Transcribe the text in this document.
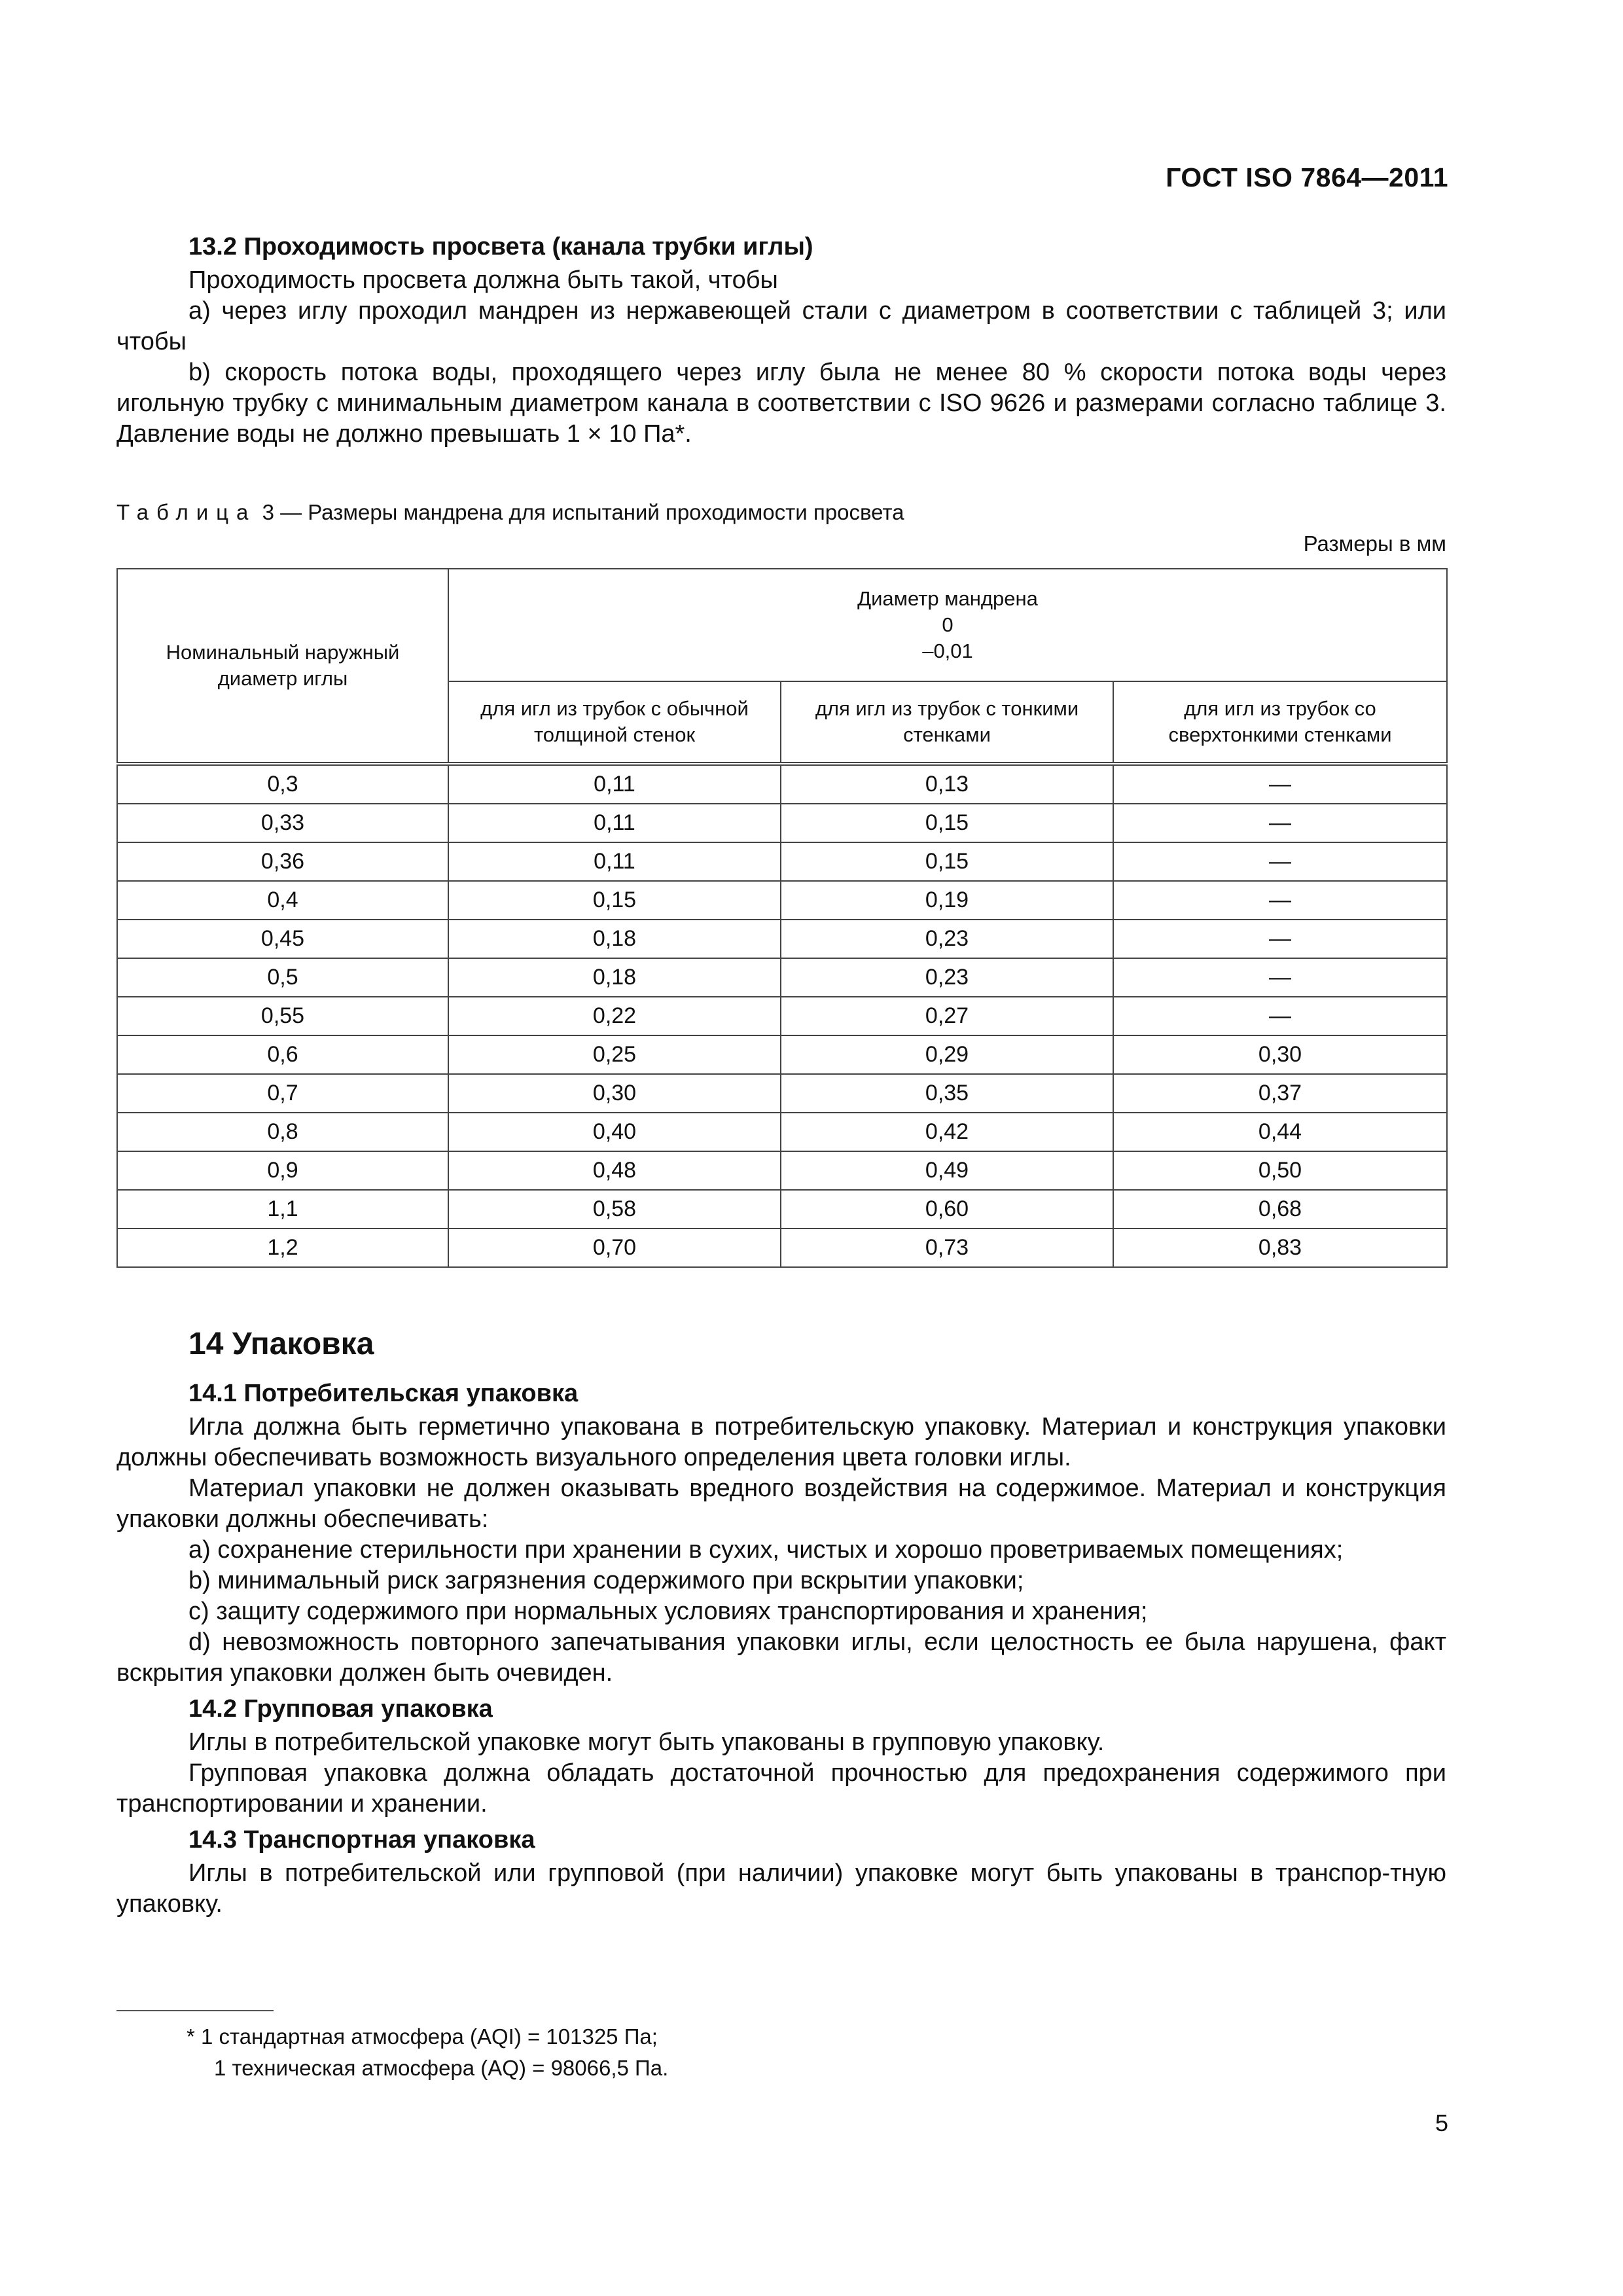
ГОСТ ISO 7864—2011

13.2 Проходимость просвета (канала трубки иглы)

Проходимость просвета должна быть такой, чтобы

a) через иглу проходил мандрен из нержавеющей стали с диаметром в соответствии с таблицей 3; или чтобы

b) скорость потока воды, проходящего через иглу была не менее 80 % скорости потока воды через игольную трубку с минимальным диаметром канала в соответствии с ISO 9626 и размерами согласно таблице 3. Давление воды не должно превышать 1 × 10 Па*.

Таблица 3 — Размеры мандрена для испытаний проходимости просвета

Размеры в мм

Номинальный наружный диаметр иглы	Диаметр мандрена
0
–0,01		

	для игл из трубок с обычной толщиной стенок	для игл из трубок с тонкими стенками	для игл из трубок со сверхтонкими стенками
0,3	0,11	0,13	—
0,33	0,11	0,15	—
0,36	0,11	0,15	—
0,4	0,15	0,19	—
0,45	0,18	0,23	—
0,5	0,18	0,23	—
0,55	0,22	0,27	—
0,6	0,25	0,29	0,30
0,7	0,30	0,35	0,37
0,8	0,40	0,42	0,44
0,9	0,48	0,49	0,50
1,1	0,58	0,60	0,68
1,2	0,70	0,73	0,83

14 Упаковка

14.1 Потребительская упаковка

Игла должна быть герметично упакована в потребительскую упаковку. Материал и конструкция упаковки должны обеспечивать возможность визуального определения цвета головки иглы.

Материал упаковки не должен оказывать вредного воздействия на содержимое. Материал и конструкция упаковки должны обеспечивать:

a) сохранение стерильности при хранении в сухих, чистых и хорошо проветриваемых помещениях;

b) минимальный риск загрязнения содержимого при вскрытии упаковки;

c) защиту содержимого при нормальных условиях транспортирования и хранения;

d) невозможность повторного запечатывания упаковки иглы, если целостность ее была нарушена, факт вскрытия упаковки должен быть очевиден.

14.2 Групповая упаковка

Иглы в потребительской упаковке могут быть упакованы в групповую упаковку.

Групповая упаковка должна обладать достаточной прочностью для предохранения содержимого при транспортировании и хранении.

14.3 Транспортная упаковка

Иглы в потребительской или групповой (при наличии) упаковке могут быть упакованы в транспор-тную упаковку.

* 1 стандартная атмосфера (AQI) = 101325 Па;
1 техническая атмосфера (AQ) = 98066,5 Па.
5
